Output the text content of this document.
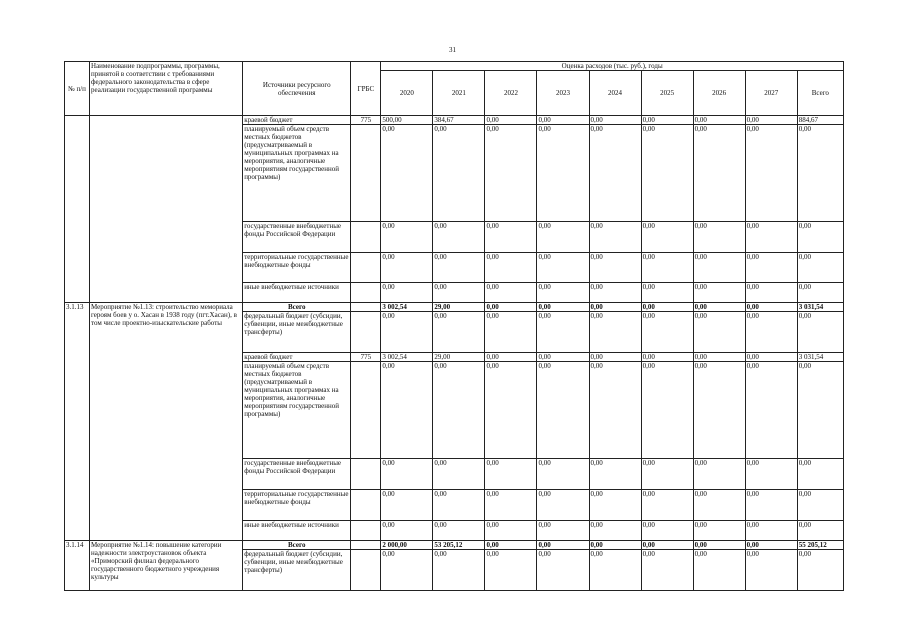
31
№ п/п	Наименование подпрограммы, программы, принятой в соответствии с требованиями федерального законодательства в сфере реализации государственной программы	Источники ресурсного обеспечения	ГРБС	Оценка расходов (тыс. руб.), годы								
				2020	2021	2022	2023	2024	2025	2026	2027	Всего
		краевой бюджет	775	500,00	384,67	0,00	0,00	0,00	0,00	0,00	0,00	884,67
		планируемый объем средств местных бюджетов (предусматриваемый в муниципальных программах на мероприятия, аналогичные мероприятиям государственной программы)		0,00	0,00	0,00	0,00	0,00	0,00	0,00	0,00	0,00
		государственные внебюджетные фонды Российской Федерации		0,00	0,00	0,00	0,00	0,00	0,00	0,00	0,00	0,00
		территориальные государственные внебюджетные фонды		0,00	0,00	0,00	0,00	0,00	0,00	0,00	0,00	0,00
		иные внебюджетные источники		0,00	0,00	0,00	0,00	0,00	0,00	0,00	0,00	0,00
3.1.13	Мероприятие №1.13: строительство мемориала героям боев у о. Хасан в 1938 году (пгт.Хасан), в том числе проектно-изыскательские работы	Всего		3 002,54	29,00	0,00	0,00	0,00	0,00	0,00	0,00	3 031,54
		федеральный бюджет (субсидии, субвенции, иные межбюджетные трансферты)		0,00	0,00	0,00	0,00	0,00	0,00	0,00	0,00	0,00
		краевой бюджет	775	3 002,54	29,00	0,00	0,00	0,00	0,00	0,00	0,00	3 031,54
		планируемый объем средств местных бюджетов (предусматриваемый в муниципальных программах на мероприятия, аналогичные мероприятиям государственной программы)		0,00	0,00	0,00	0,00	0,00	0,00	0,00	0,00	0,00
		государственные внебюджетные фонды Российской Федерации		0,00	0,00	0,00	0,00	0,00	0,00	0,00	0,00	0,00
		территориальные государственные внебюджетные фонды		0,00	0,00	0,00	0,00	0,00	0,00	0,00	0,00	0,00
		иные внебюджетные источники		0,00	0,00	0,00	0,00	0,00	0,00	0,00	0,00	0,00
3.1.14	Мероприятие №1.14: повышение категории надежности электроустановок объекта «Приморский филиал федерального государственного бюджетного учреждения культуры	Всего		2 000,00	53 205,12	0,00	0,00	0,00	0,00	0,00	0,00	55 205,12
		федеральный бюджет (субсидии, субвенции, иные межбюджетные трансферты)		0,00	0,00	0,00	0,00	0,00	0,00	0,00	0,00	0,00
